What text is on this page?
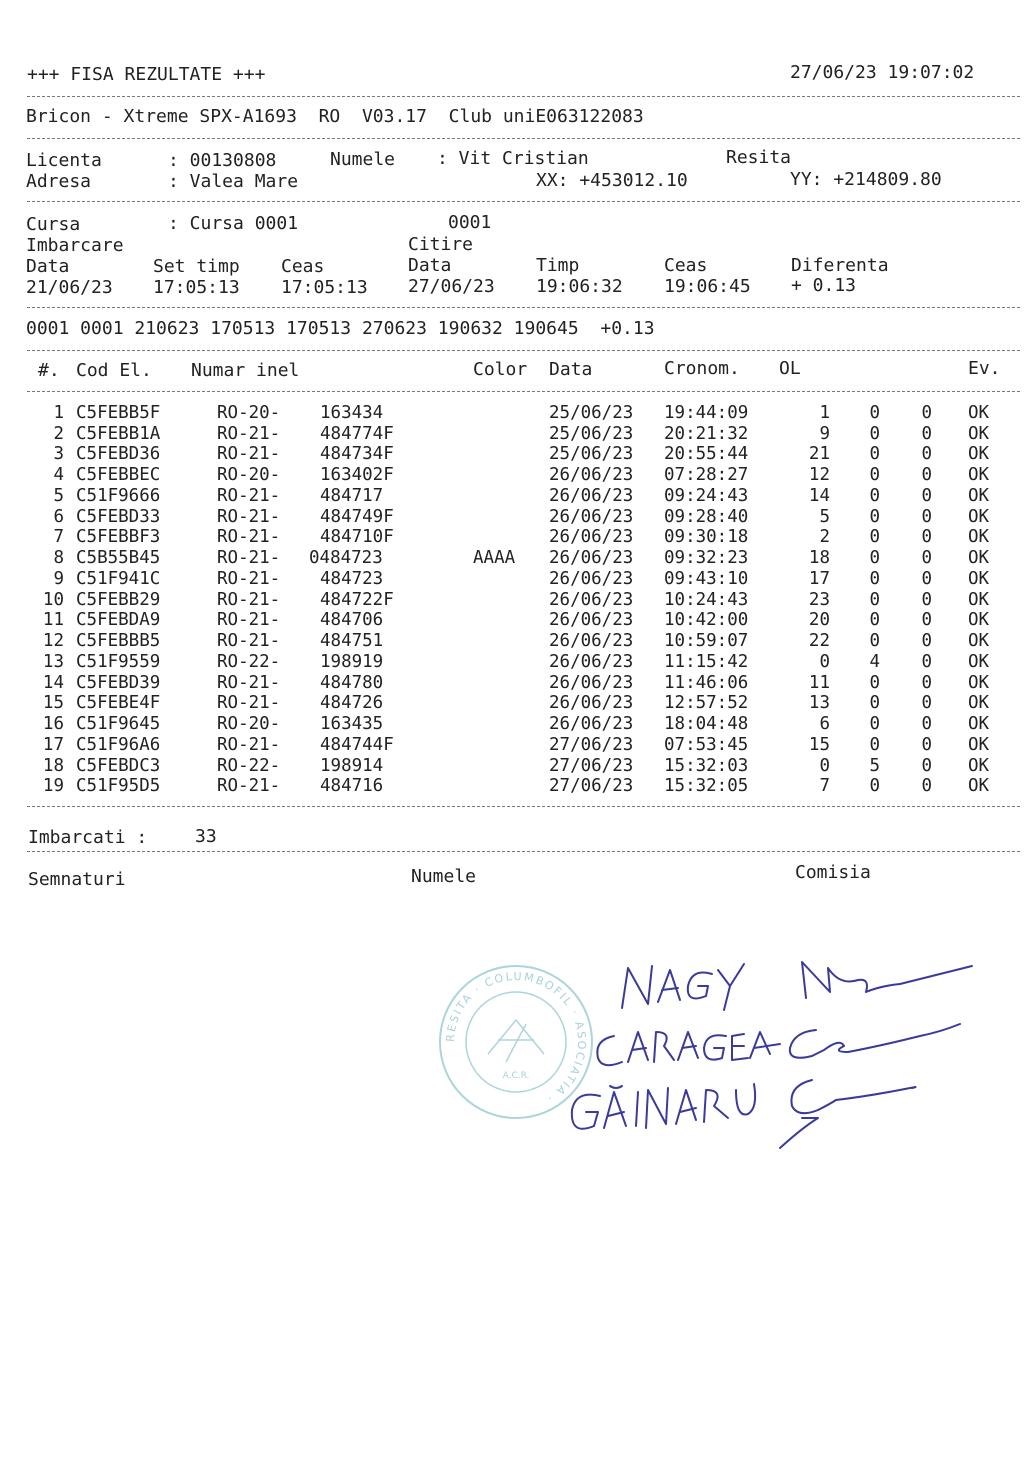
+++ FISA REZULTATE +++	27/06/23 19:07:02
Bricon - Xtreme SPX-A1693  RO  V03.17  Club uniE063122083
Licenta	: 00130808	Numele : Vit Cristian	Resita
Adresa	: Valea Mare	XX: +453012.10	YY: +214809.80
Cursa	: Cursa 0001	0001
Imbarcare	Citire
Data	Set timp Ceas	Data	Timp	Ceas	Diferenta
21/06/23 17:05:13 17:05:13 27/06/23 19:06:32 19:06:45 + 0.13
0001 0001 210623 170513 170513 270623 190632 190645  +0.13
#. Cod El. Numar inel	Color Data	Cronom. OL	Ev.
1 C5FEBB5F	RO-20-	163434	25/06/23	19:44:09	1	0	0 OK
2 C5FEBB1A	RO-21-	484774F	25/06/23	20:21:32	9	0	0 OK
3 C5FEBD36	RO-21-	484734F	25/06/23	20:55:44	21	0	0 OK
4 C5FEBBEC	RO-20-	163402F	26/06/23	07:28:27	12	0	0 OK
5 C51F9666	RO-21-	484717	26/06/23	09:24:43	14	0	0 OK
6 C5FEBD33	RO-21-	484749F	26/06/23	09:28:40	5	0	0 OK
7 C5FEBBF3	RO-21-	484710F	26/06/23	09:30:18	2	0	0 OK
8 C5B55B45	RO-21-	0484723	AAAA	26/06/23	09:32:23	18	0	0 OK
9 C51F941C	RO-21-	484723	26/06/23	09:43:10	17	0	0 OK
10 C5FEBB29	RO-21-	484722F	26/06/23	10:24:43	23	0	0 OK
11 C5FEBDA9	RO-21-	484706	26/06/23	10:42:00	20	0	0 OK
12 C5FEBBB5	RO-21-	484751	26/06/23	10:59:07	22	0	0 OK
13 C51F9559	RO-22-	198919	26/06/23	11:15:42	0	4	0 OK
14 C5FEBD39	RO-21-	484780	26/06/23	11:46:06	11	0	0 OK
15 C5FEBE4F	RO-21-	484726	26/06/23	12:57:52	13	0	0 OK
16 C51F9645	RO-20-	163435	26/06/23	18:04:48	6	0	0 OK
17 C51F96A6	RO-21-	484744F	27/06/23	07:53:45	15	0	0 OK
18 C5FEBDC3	RO-22-	198914	27/06/23	15:32:03	0	5	0 OK
19 C51F95D5	RO-21-	484716	27/06/23	15:32:05	7	0	0 OK
Imbarcati :	33
Semnaturi	Numele	Comisia
RESITA · COLUMBOFIL · ASOCIATIA ·
A.C.R.
